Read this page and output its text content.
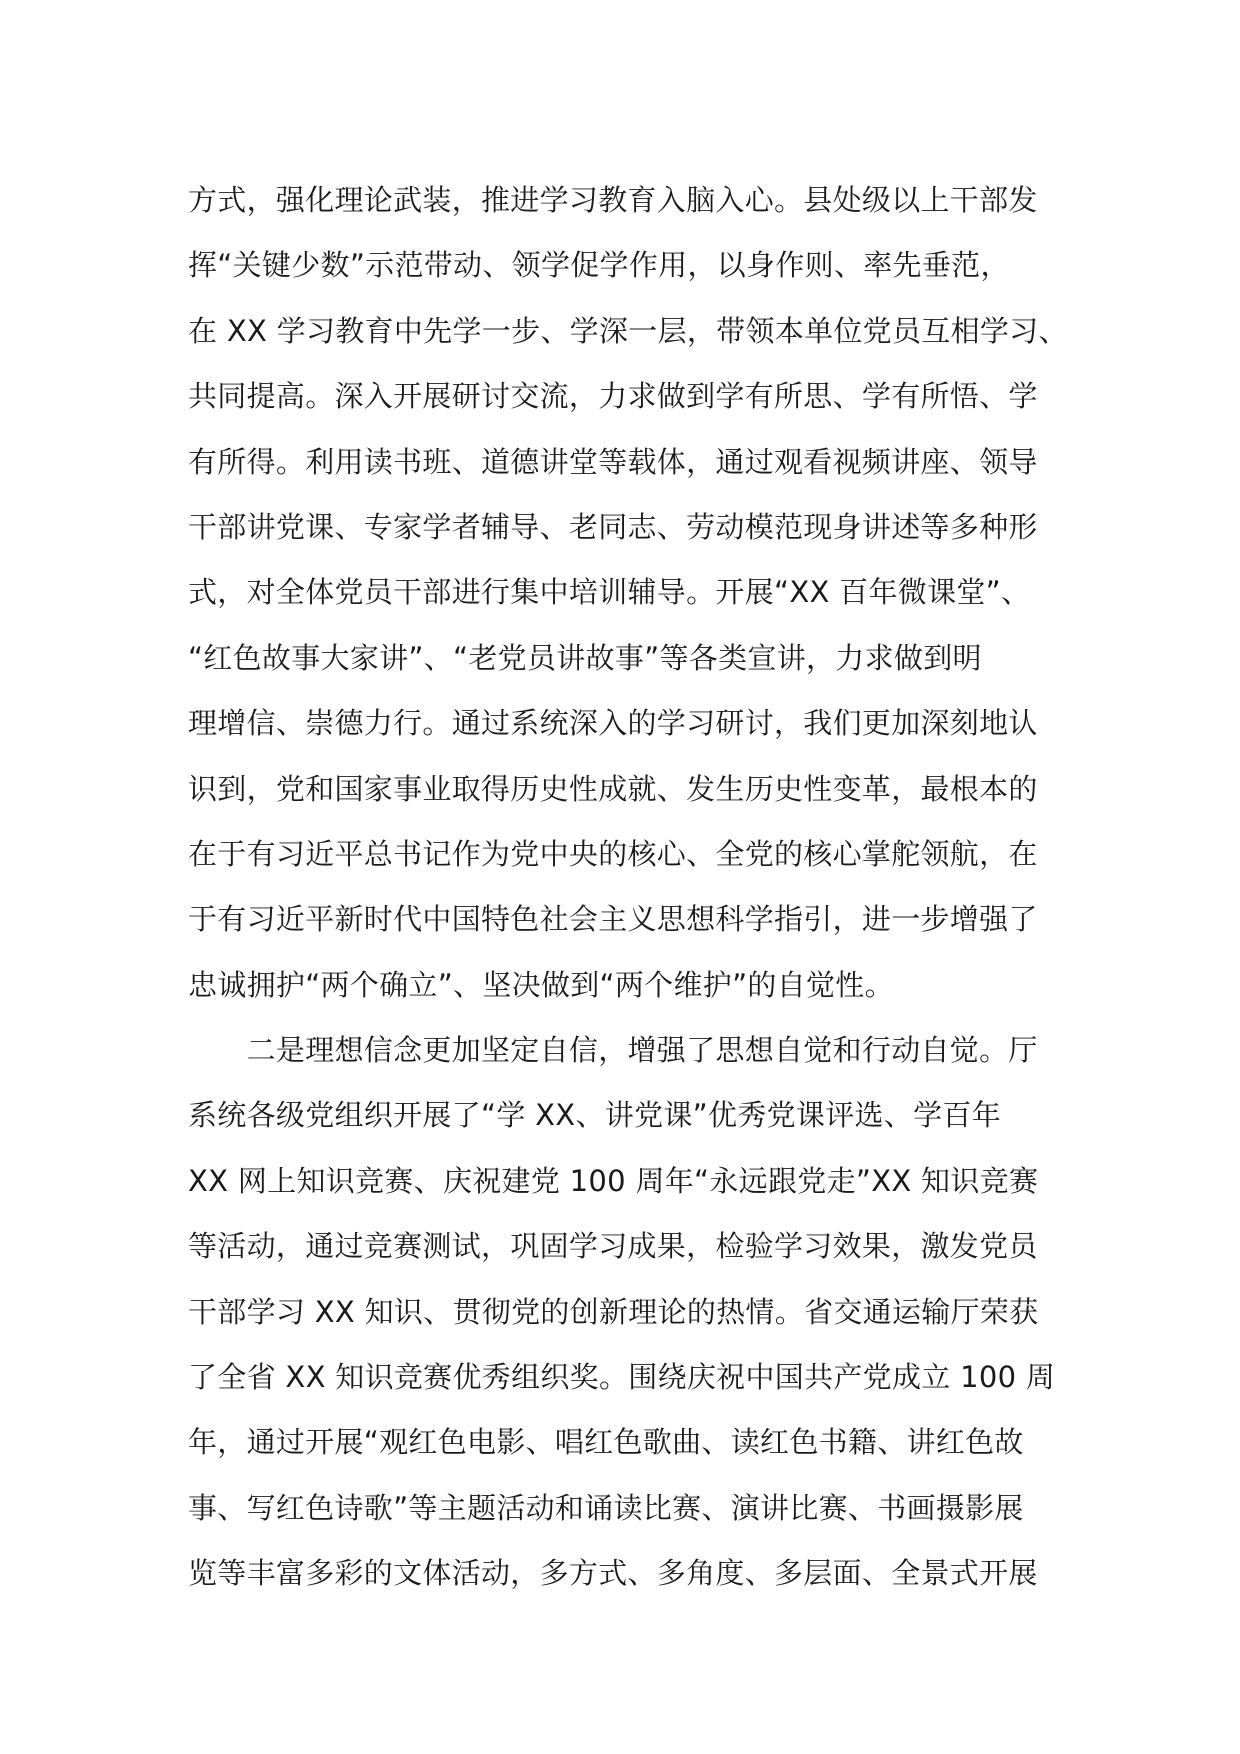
方式，强化理论武装，推进学习教育入脑入心。县处级以上干部发
挥“关键少数”示范带动、领学促学作用，以身作则、率先垂范，
在 XX 学习教育中先学一步、学深一层，带领本单位党员互相学习、
共同提高。深入开展研讨交流，力求做到学有所思、学有所悟、学
有所得。利用读书班、道德讲堂等载体，通过观看视频讲座、领导
干部讲党课、专家学者辅导、老同志、劳动模范现身讲述等多种形
式，对全体党员干部进行集中培训辅导。开展“XX 百年微课堂”、
“红色故事大家讲”、“老党员讲故事”等各类宣讲，力求做到明
理增信、崇德力行。通过系统深入的学习研讨，我们更加深刻地认
识到，党和国家事业取得历史性成就、发生历史性变革，最根本的
在于有习近平总书记作为党中央的核心、全党的核心掌舵领航，在
于有习近平新时代中国特色社会主义思想科学指引，进一步增强了
忠诚拥护“两个确立”、坚决做到“两个维护”的自觉性。
　　二是理想信念更加坚定自信，增强了思想自觉和行动自觉。厅
系统各级党组织开展了“学 XX、讲党课”优秀党课评选、学百年
XX 网上知识竞赛、庆祝建党 100 周年“永远跟党走”XX 知识竞赛
等活动，通过竞赛测试，巩固学习成果，检验学习效果，激发党员
干部学习 XX 知识、贯彻党的创新理论的热情。省交通运输厅荣获
了全省 XX 知识竞赛优秀组织奖。围绕庆祝中国共产党成立 100 周
年，通过开展“观红色电影、唱红色歌曲、读红色书籍、讲红色故
事、写红色诗歌”等主题活动和诵读比赛、演讲比赛、书画摄影展
览等丰富多彩的文体活动，多方式、多角度、多层面、全景式开展
